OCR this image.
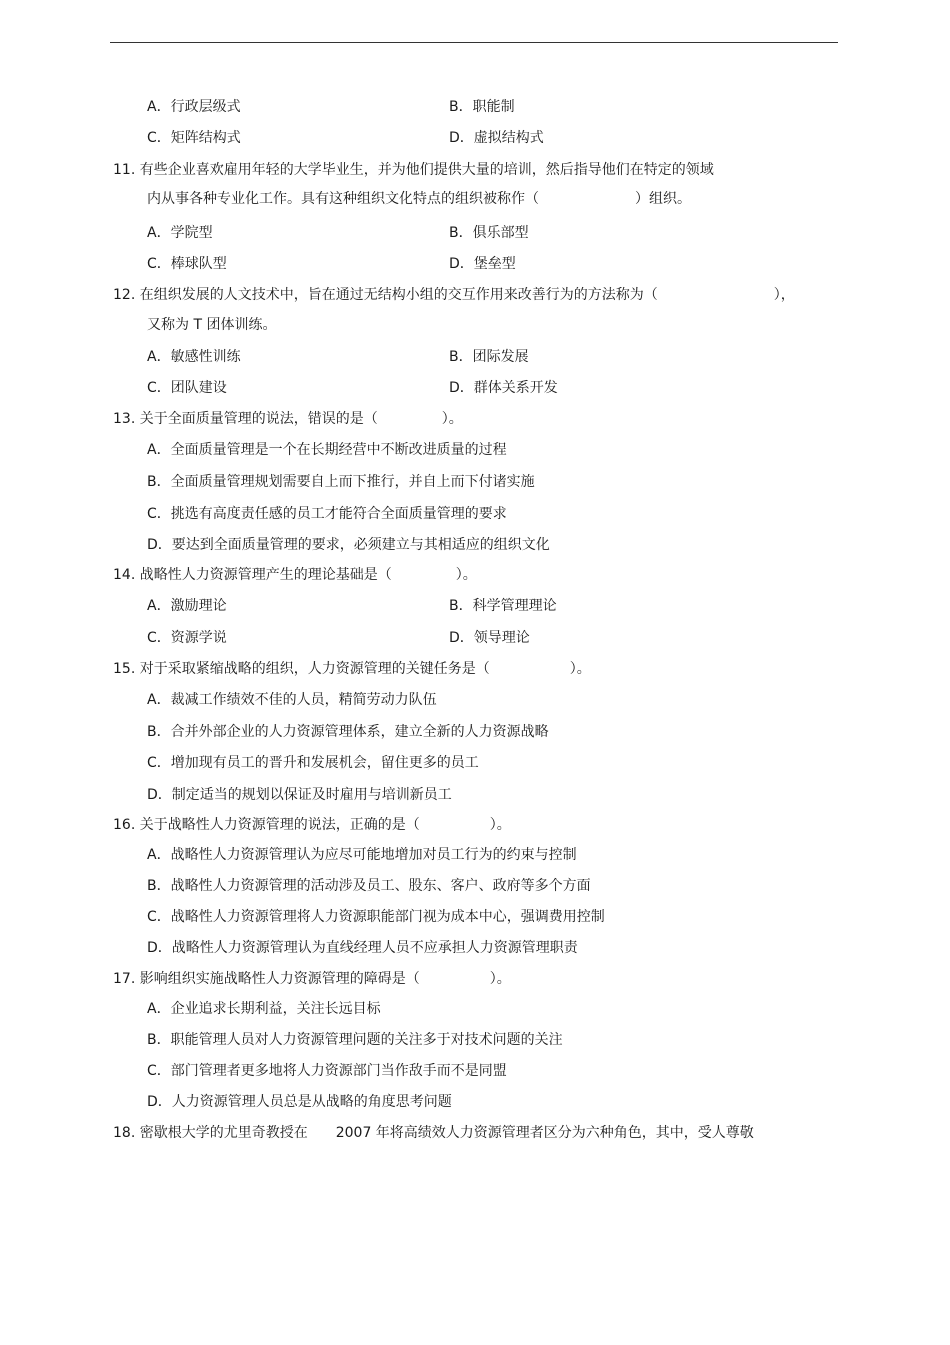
A．行政层级式	B．职能制
C．矩阵结构式	D．虚拟结构式
11. 有些企业喜欢雇用年轻的大学毕业生，并为他们提供大量的培训，然后指导他们在特定的领域
内从事各种专业化工作。具有这种组织文化特点的组织被称作（	）组织。
A．学院型	B．俱乐部型
C．棒球队型	D．堡垒型
12. 在组织发展的人文技术中，旨在通过无结构小组的交互作用来改善行为的方法称为（	），
又称为 T 团体训练。
A．敏感性训练	B．团际发展
C．团队建设	D．群体关系开发
13. 关于全面质量管理的说法，错误的是（	）。
A．全面质量管理是一个在长期经营中不断改进质量的过程
B．全面质量管理规划需要自上而下推行，并自上而下付诸实施
C．挑选有高度责任感的员工才能符合全面质量管理的要求
D．要达到全面质量管理的要求，必须建立与其相适应的组织文化
14. 战略性人力资源管理产生的理论基础是（	）。
A．激励理论	B．科学管理理论
C．资源学说	D．领导理论
15. 对于采取紧缩战略的组织，人力资源管理的关键任务是（	）。
A．裁减工作绩效不佳的人员，精简劳动力队伍
B．合并外部企业的人力资源管理体系，建立全新的人力资源战略
C．增加现有员工的晋升和发展机会，留住更多的员工
D．制定适当的规划以保证及时雇用与培训新员工
16. 关于战略性人力资源管理的说法，正确的是（	）。
A．战略性人力资源管理认为应尽可能地增加对员工行为的约束与控制
B．战略性人力资源管理的活动涉及员工、股东、客户、政府等多个方面
C．战略性人力资源管理将人力资源职能部门视为成本中心，强调费用控制
D．战略性人力资源管理认为直线经理人员不应承担人力资源管理职责
17. 影响组织实施战略性人力资源管理的障碍是（	）。
A．企业追求长期利益，关注长远目标
B．职能管理人员对人力资源管理问题的关注多于对技术问题的关注
C．部门管理者更多地将人力资源部门当作敌手而不是同盟
D．人力资源管理人员总是从战略的角度思考问题
18. 密歇根大学的尤里奇教授在 2007 年将高绩效人力资源管理者区分为六种角色，其中，受人尊敬
